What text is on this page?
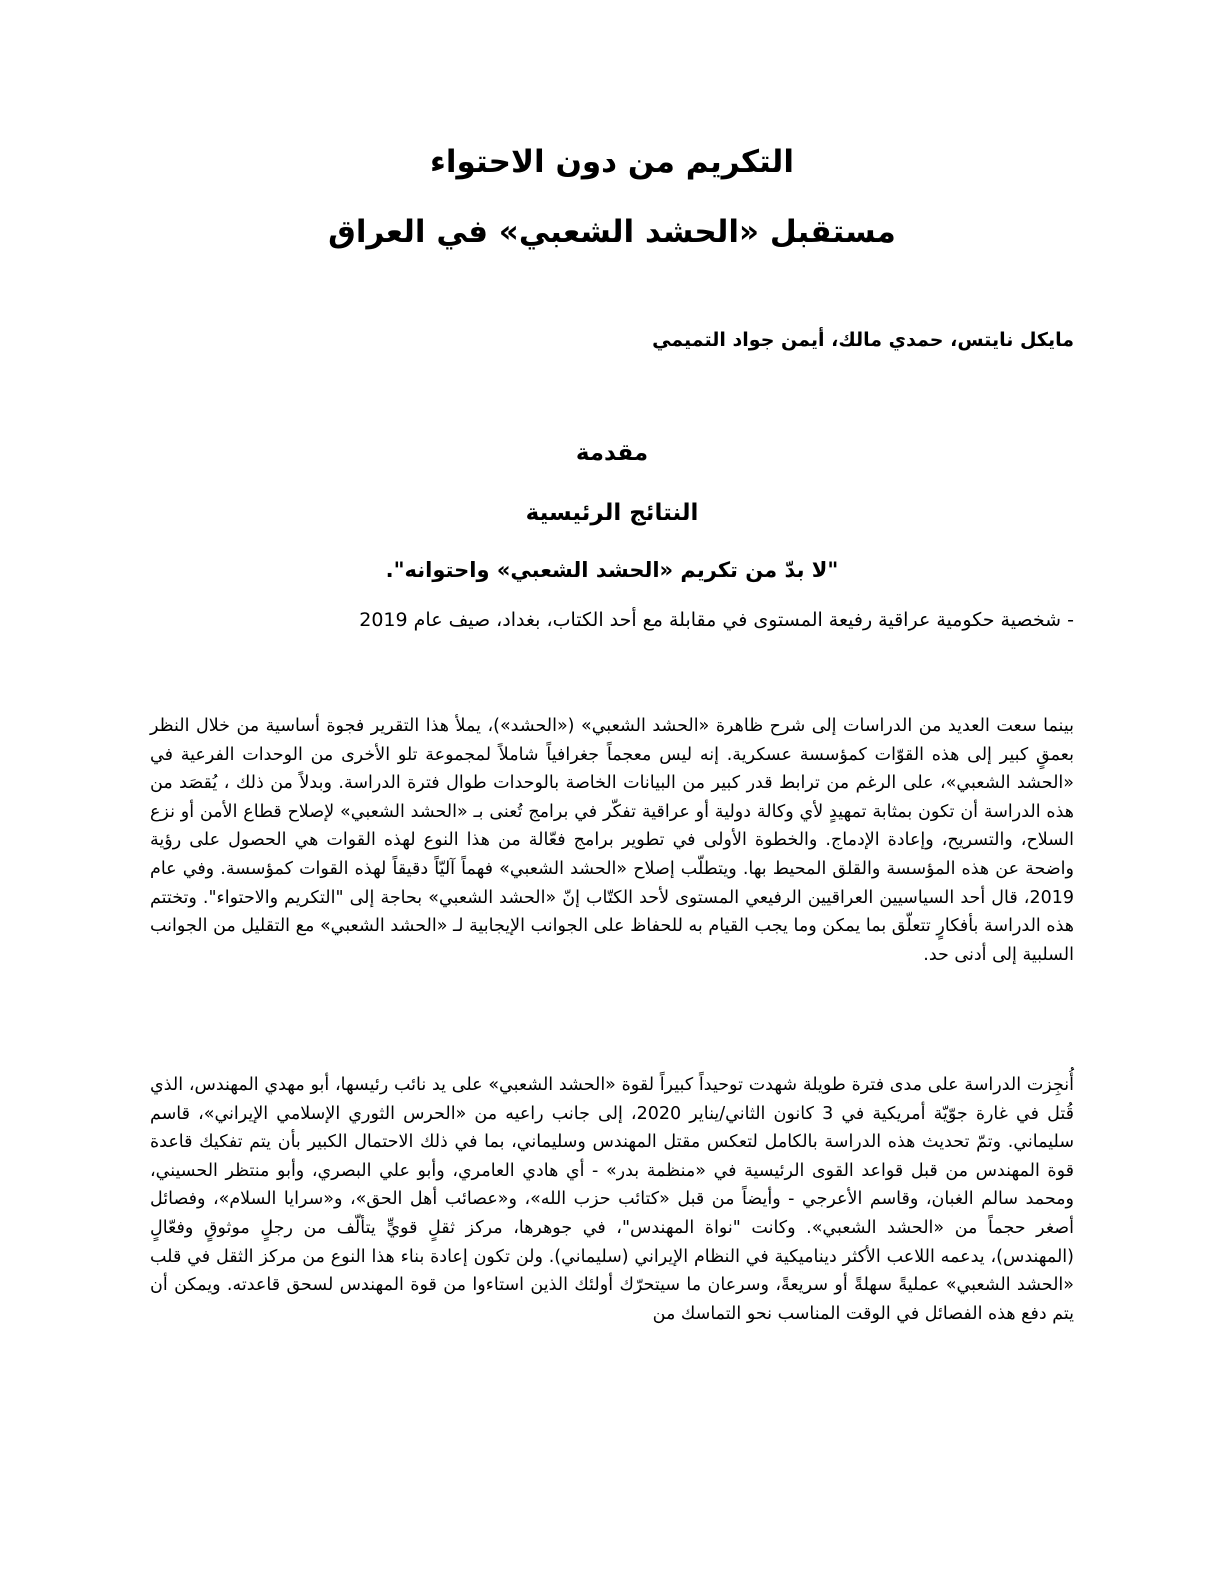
التكريم من دون الاحتواء
مستقبل «الحشد الشعبي» في العراق

مايكل نايتس، حمدي مالك، أيمن جواد التميمي

مقدمة
النتائج الرئيسية

"لا بدّ من تكريم «الحشد الشعبي» واحتوانه".

- شخصية حكومية عراقية رفيعة المستوى في مقابلة مع أحد الكتاب، بغداد، صيف عام 2019

بينما سعت العديد من الدراسات إلى شرح ظاهرة «الحشد الشعبي» («الحشد»)، يملأ هذا التقرير فجوة أساسية من خلال النظر بعمقٍ كبير إلى هذه القوّات كمؤسسة عسكرية. إنه ليس معجماً جغرافياً شاملاً لمجموعة تلو الأخرى من الوحدات الفرعية في «الحشد الشعبي»، على الرغم من ترابط قدر كبير من البيانات الخاصة بالوحدات طوال فترة الدراسة. وبدلاً من ذلك ، يُقصَد من هذه الدراسة أن تكون بمثابة تمهيدٍ لأي وكالة دولية أو عراقية تفكّر في برامج تُعنى بـ «الحشد الشعبي» لإصلاح قطاع الأمن أو نزع السلاح، والتسريح، وإعادة الإدماج. والخطوة الأولى في تطوير برامج فعّالة من هذا النوع لهذه القوات هي الحصول على رؤية واضحة عن هذه المؤسسة والقلق المحيط بها. ويتطلّب إصلاح «الحشد الشعبي» فهماً آليّاً دقيقاً لهذه القوات كمؤسسة. وفي عام 2019، قال أحد السياسيين العراقيين الرفيعي المستوى لأحد الكتّاب إنّ «الحشد الشعبي» بحاجة إلى "التكريم والاحتواء". وتختتم هذه الدراسة بأفكارٍ تتعلّق بما يمكن وما يجب القيام به للحفاظ على الجوانب الإيجابية لـ «الحشد الشعبي» مع التقليل من الجوانب السلبية إلى أدنى حد.

أُنجِزت الدراسة على مدى فترة طويلة شهدت توحيداً كبيراً لقوة «الحشد الشعبي» على يد نائب رئيسها، أبو مهدي المهندس، الذي قُتل في غارة جوّيّة أمريكية في 3 كانون الثاني/يناير 2020، إلى جانب راعيه من «الحرس الثوري الإسلامي الإيراني»، قاسم سليماني. وتمّ تحديث هذه الدراسة بالكامل لتعكس مقتل المهندس وسليماني، بما في ذلك الاحتمال الكبير بأن يتم تفكيك قاعدة قوة المهندس من قبل قواعد القوى الرئيسية في «منظمة بدر» - أي هادي العامري، وأبو علي البصري، وأبو منتظر الحسيني، ومحمد سالم الغبان، وقاسم الأعرجي - وأيضاً من قبل «كتائب حزب الله»، و«عصائب أهل الحق»، و«سرايا السلام»، وفصائل أصغر حجماً من «الحشد الشعبي». وكانت "نواة المهندس"، في جوهرها، مركز ثقلٍ قويٍّ يتألّف من رجلٍ موثوقٍ وفعّالٍ (المهندس)، يدعمه اللاعب الأكثر ديناميكية في النظام الإيراني (سليماني). ولن تكون إعادة بناء هذا النوع من مركز الثقل في قلب «الحشد الشعبي» عمليةً سهلةً أو سريعةً، وسرعان ما سيتحرّك أولئك الذين استاءوا من قوة المهندس لسحق قاعدته. ويمكن أن يتم دفع هذه الفصائل في الوقت المناسب نحو التماسك من
